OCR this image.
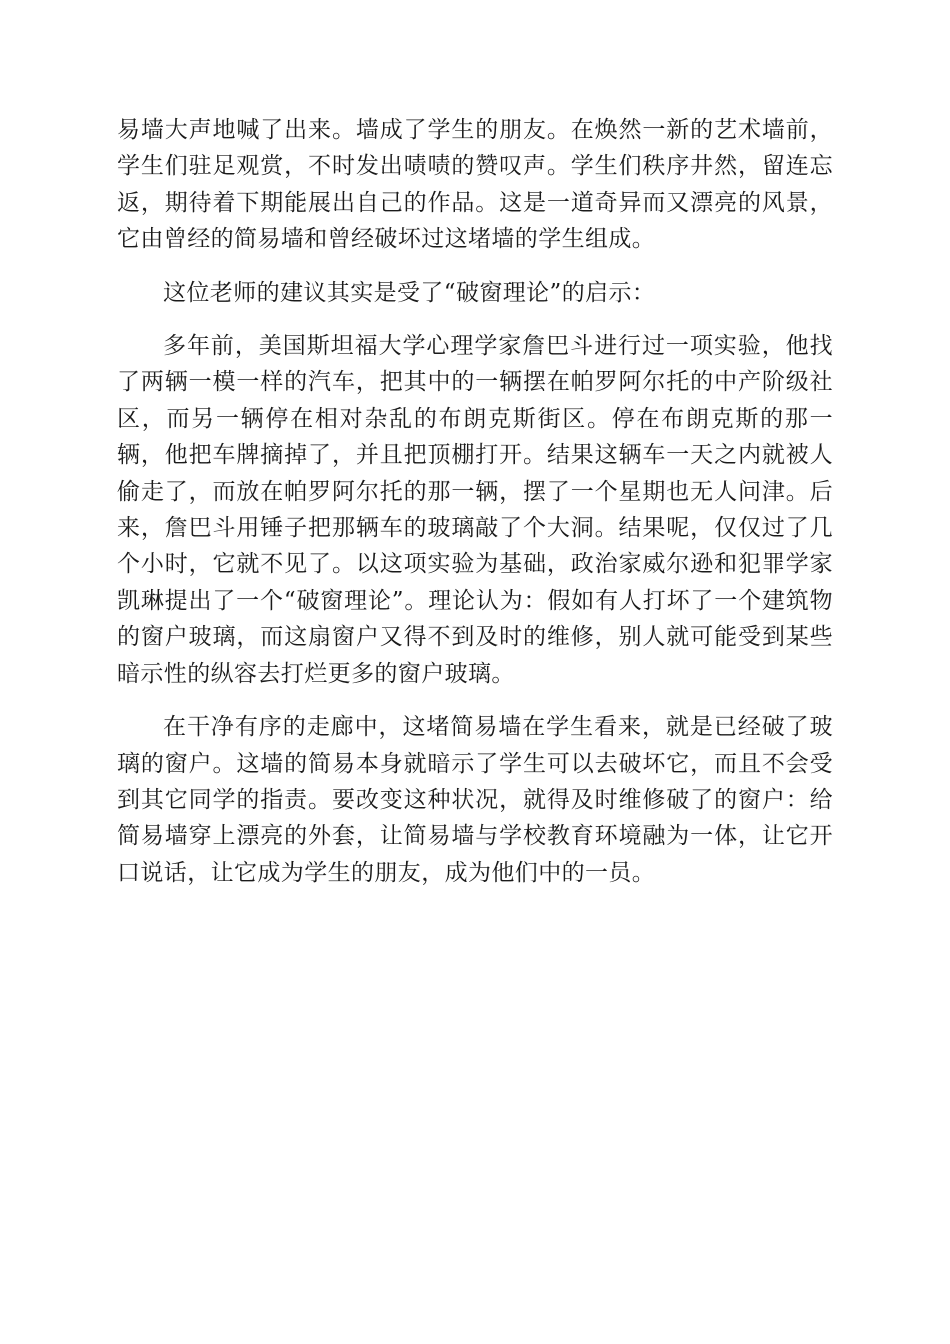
易墙大声地喊了出来。墙成了学生的朋友。在焕然一新的艺术墙前，学生们驻足观赏，不时发出啧啧的赞叹声。学生们秩序井然，留连忘返，期待着下期能展出自己的作品。这是一道奇异而又漂亮的风景，它由曾经的简易墙和曾经破坏过这堵墙的学生组成。

这位老师的建议其实是受了“破窗理论”的启示：

多年前，美国斯坦福大学心理学家詹巴斗进行过一项实验，他找了两辆一模一样的汽车，把其中的一辆摆在帕罗阿尔托的中产阶级社区，而另一辆停在相对杂乱的布朗克斯街区。停在布朗克斯的那一辆，他把车牌摘掉了，并且把顶棚打开。结果这辆车一天之内就被人偷走了，而放在帕罗阿尔托的那一辆，摆了一个星期也无人问津。后来，詹巴斗用锤子把那辆车的玻璃敲了个大洞。结果呢，仅仅过了几个小时，它就不见了。以这项实验为基础，政治家威尔逊和犯罪学家凯琳提出了一个“破窗理论”。理论认为：假如有人打坏了一个建筑物的窗户玻璃，而这扇窗户又得不到及时的维修，别人就可能受到某些暗示性的纵容去打烂更多的窗户玻璃。

在干净有序的走廊中，这堵简易墙在学生看来，就是已经破了玻璃的窗户。这墙的简易本身就暗示了学生可以去破坏它，而且不会受到其它同学的指责。要改变这种状况，就得及时维修破了的窗户：给简易墙穿上漂亮的外套，让简易墙与学校教育环境融为一体，让它开口说话，让它成为学生的朋友，成为他们中的一员。
